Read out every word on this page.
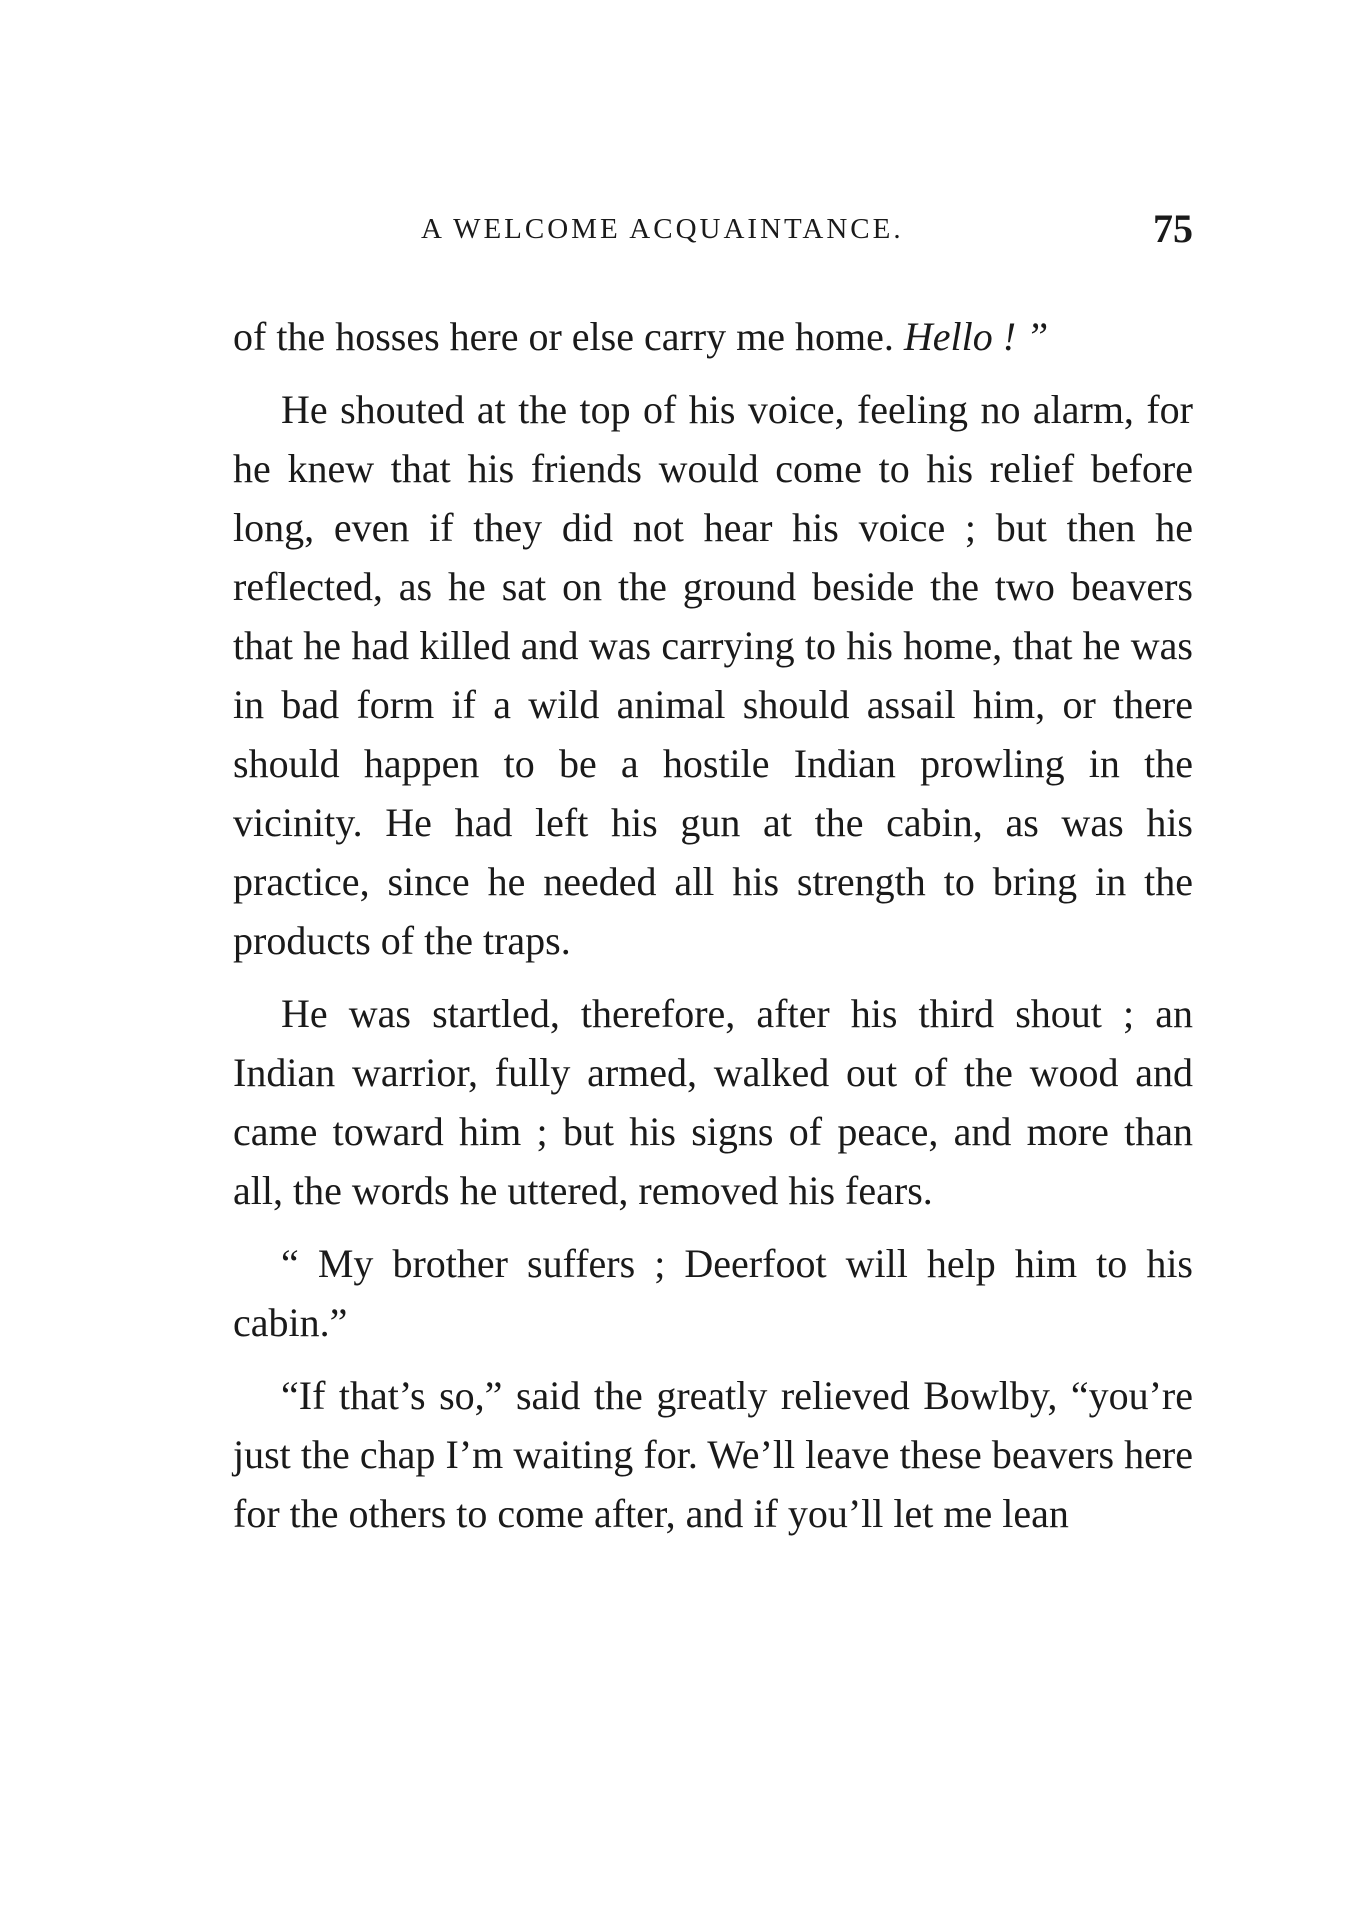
A WELCOME ACQUAINTANCE.	75

of the hosses here or else carry me home. Hello ! ”

He shouted at the top of his voice, feeling no alarm, for he knew that his friends would come to his relief before long, even if they did not hear his voice ; but then he reflected, as he sat on the ground beside the two beavers that he had killed and was carrying to his home, that he was in bad form if a wild animal should assail him, or there should happen to be a hostile Indian prowling in the vicinity. He had left his gun at the cabin, as was his practice, since he needed all his strength to bring in the products of the traps.

He was startled, therefore, after his third shout ; an Indian warrior, fully armed, walked out of the wood and came toward him ; but his signs of peace, and more than all, the words he uttered, removed his fears.

“ My brother suffers ; Deerfoot will help him to his cabin.”

“If that’s so,” said the greatly relieved Bowlby, “you’re just the chap I’m waiting for. We’ll leave these beavers here for the others to come after, and if you’ll let me lean
